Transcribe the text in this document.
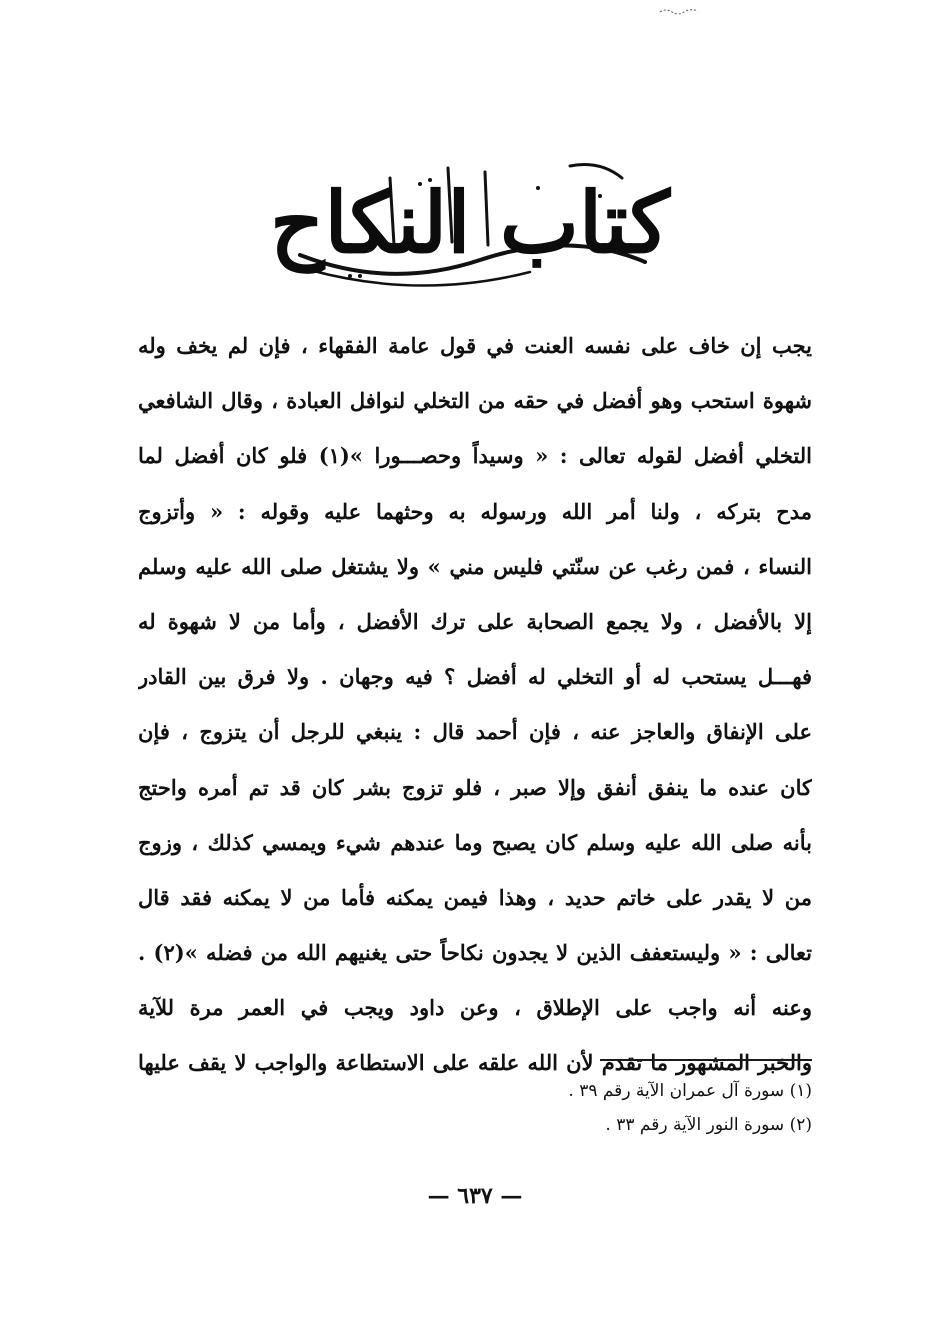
كتاب النكاح
يجب إن خاف على نفسه العنت في قول عامة الفقهاء ، فإن لم يخف وله
شهوة استحب وهو أفضل في حقه من التخلي لنوافل العبادة ، وقال الشافعي
التخلي أفضل لقوله تعالى : « وسيداً وحصـــورا »(١) فلو كان أفضل لما
مدح بتركه ، ولنا أمر الله ورسوله به وحثهما عليه وقوله : « وأتزوج
النساء ، فمن رغب عن سنّتي فليس مني » ولا يشتغل صلى الله عليه وسلم
إلا بالأفضل ، ولا يجمع الصحابة على ترك الأفضل ، وأما من لا شهوة له
فهـــل يستحب له أو التخلي له أفضل ؟ فيه وجهان . ولا فرق بين القادر
على الإنفاق والعاجز عنه ، فإن أحمد قال : ينبغي للرجل أن يتزوج ، فإن
كان عنده ما ينفق أنفق وإلا صبر ، فلو تزوج بشر كان قد تم أمره واحتج
بأنه صلى الله عليه وسلم كان يصبح وما عندهم شيء ويمسي كذلك ، وزوج
من لا يقدر على خاتم حديد ، وهذا فيمن يمكنه فأما من لا يمكنه فقد قال
تعالى : « وليستعفف الذين لا يجدون نكاحاً حتى يغنيهم الله من فضله »(٢) .
وعنه أنه واجب على الإطلاق ، وعن داود ويجب في العمر مرة للآية
والخبر المشهور ما تقدم لأن الله علقه على الاستطاعة والواجب لا يقف عليها
(١) سورة آل عمران الآية رقم ٣٩ .
(٢) سورة النور الآية رقم ٣٣ .
— ٦٣٧ —
